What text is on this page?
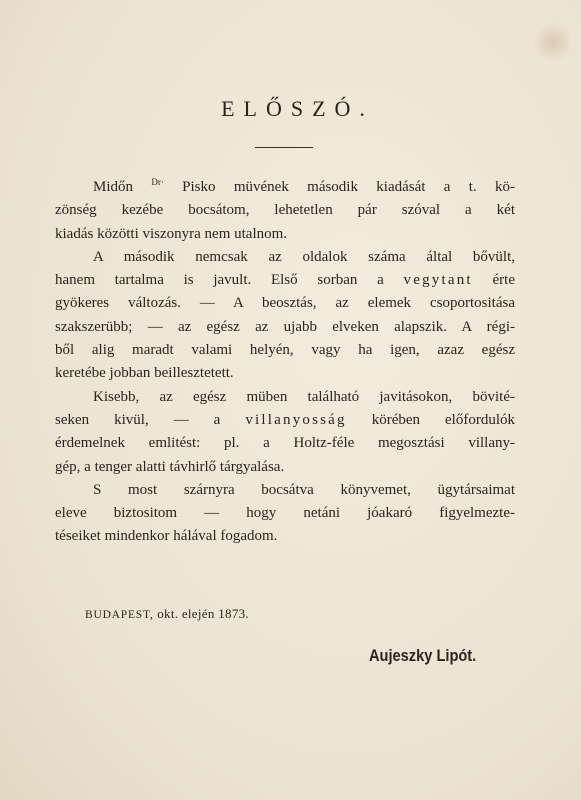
ELŐSZÓ.
Midőn $^{Dr\cdot}$ Pisko müvének második kiadását a t. kö-
zönség kezébe bocsátom, lehetetlen pár szóval a két
kiadás közötti viszonyra nem utalnom.
A második nemcsak az oldalok száma által bővült,
hanem tartalma is javult. Első sorban a vegytant érte
gyökeres változás. — A beosztás, az elemek csoportositása
szakszerübb; — az egész az ujabb elveken alapszik. A régi-
ből alig maradt valami helyén, vagy ha igen, azaz egész
keretébe jobban beillesztetett.
Kisebb, az egész müben található javitásokon, bövité-
seken kivül, — a villanyosság körében előfordulók
érdemelnek emlitést: pl. a Holtz-féle megosztási villany-
gép, a tenger alatti távhirlő tárgyalása.
S most szárnyra bocsátva könyvemet, ügytársaimat
eleve biztositom — hogy netáni jóakaró figyelmezte-
téseiket mindenkor hálával fogadom.
BUDAPEST, okt. elején 1873.
Aujeszky Lipót.
